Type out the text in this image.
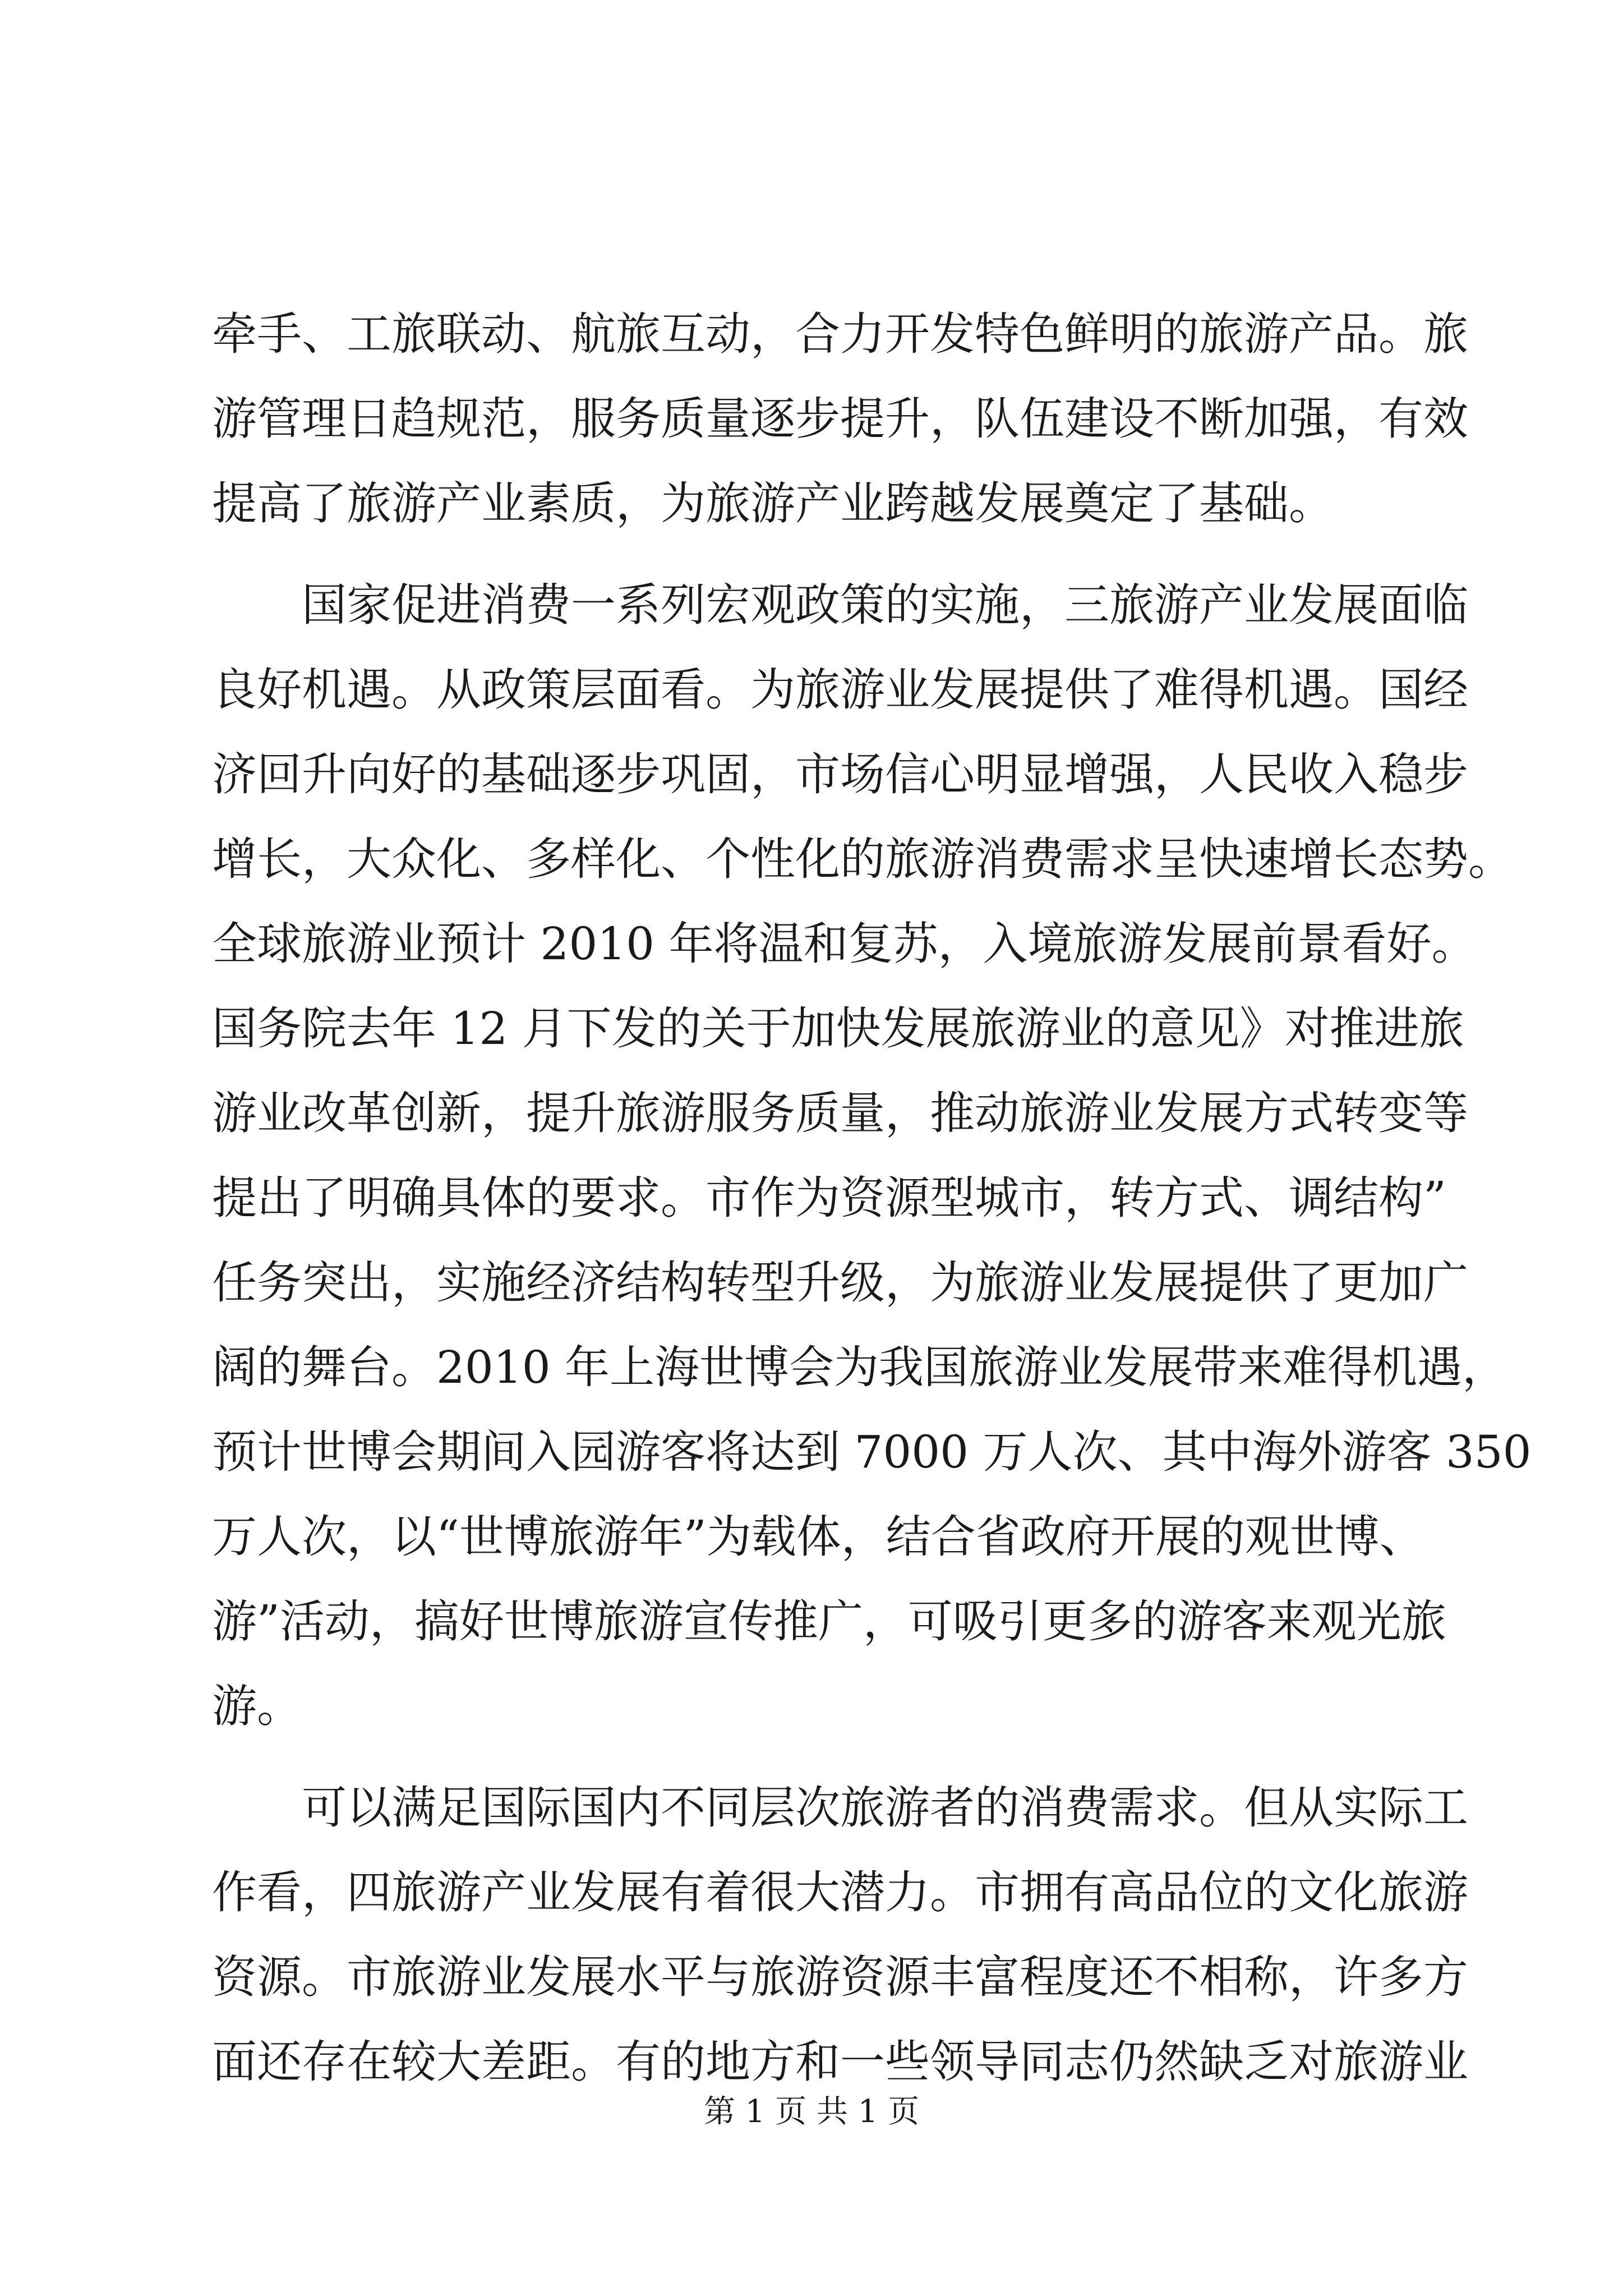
牵手、工旅联动、航旅互动，合力开发特色鲜明的旅游产品。旅
游管理日趋规范，服务质量逐步提升，队伍建设不断加强，有效
提高了旅游产业素质，为旅游产业跨越发展奠定了基础。
国家促进消费一系列宏观政策的实施，三旅游产业发展面临
良好机遇。从政策层面看。为旅游业发展提供了难得机遇。国经
济回升向好的基础逐步巩固，市场信心明显增强，人民收入稳步
增长，大众化、多样化、个性化的旅游消费需求呈快速增长态势。
全球旅游业预计 2010 年将温和复苏，入境旅游发展前景看好。
国务院去年 12 月下发的关于加快发展旅游业的意见》对推进旅
游业改革创新，提升旅游服务质量，推动旅游业发展方式转变等
提出了明确具体的要求。市作为资源型城市，转方式、调结构”
任务突出，实施经济结构转型升级，为旅游业发展提供了更加广
阔的舞台。2010 年上海世博会为我国旅游业发展带来难得机遇，
预计世博会期间入园游客将达到 7000 万人次、其中海外游客 350
万人次，以“世博旅游年”为载体，结合省政府开展的观世博、
游”活动，搞好世博旅游宣传推广，可吸引更多的游客来观光旅
游。
可以满足国际国内不同层次旅游者的消费需求。但从实际工
作看，四旅游产业发展有着很大潜力。市拥有高品位的文化旅游
资源。市旅游业发展水平与旅游资源丰富程度还不相称，许多方
面还存在较大差距。有的地方和一些领导同志仍然缺乏对旅游业
第 1 页 共 1 页
